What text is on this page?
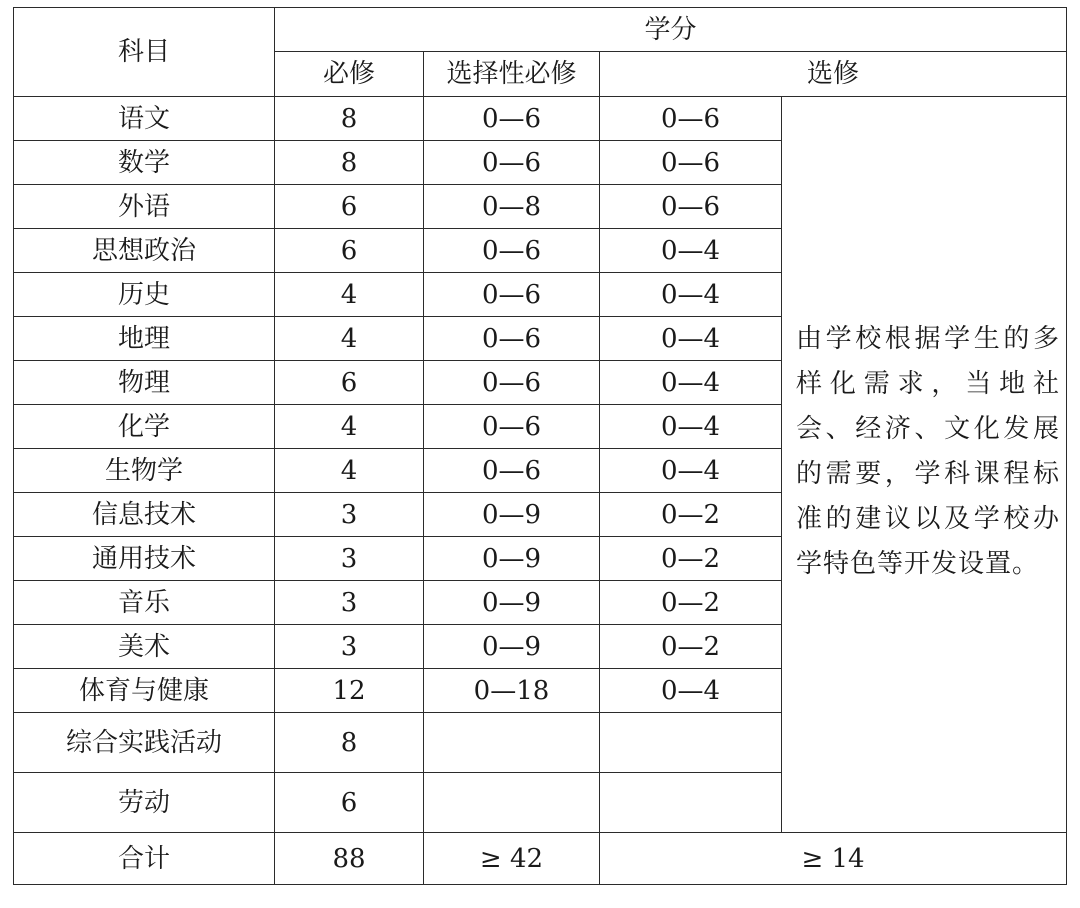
科目	学分			
	必修	选择性必修	选修	
语文	8	0—6	0—6	由学校根据学生的多样化需求，当地社会、经济、文化发展的需要，学科课程标准的建议以及学校办学特色等开发设置。
数学	8	0—6	0—6	
外语	6	0—8	0—6	
思想政治	6	0—6	0—4	
历史	4	0—6	0—4	
地理	4	0—6	0—4	
物理	6	0—6	0—4	
化学	4	0—6	0—4	
生物学	4	0—6	0—4	
信息技术	3	0—9	0—2	
通用技术	3	0—9	0—2	
音乐	3	0—9	0—2	
美术	3	0—9	0—2	
体育与健康	12	0—18	0—4	
综合实践活动	8			
劳动	6			
合计	88	≥ 42	≥ 14	
